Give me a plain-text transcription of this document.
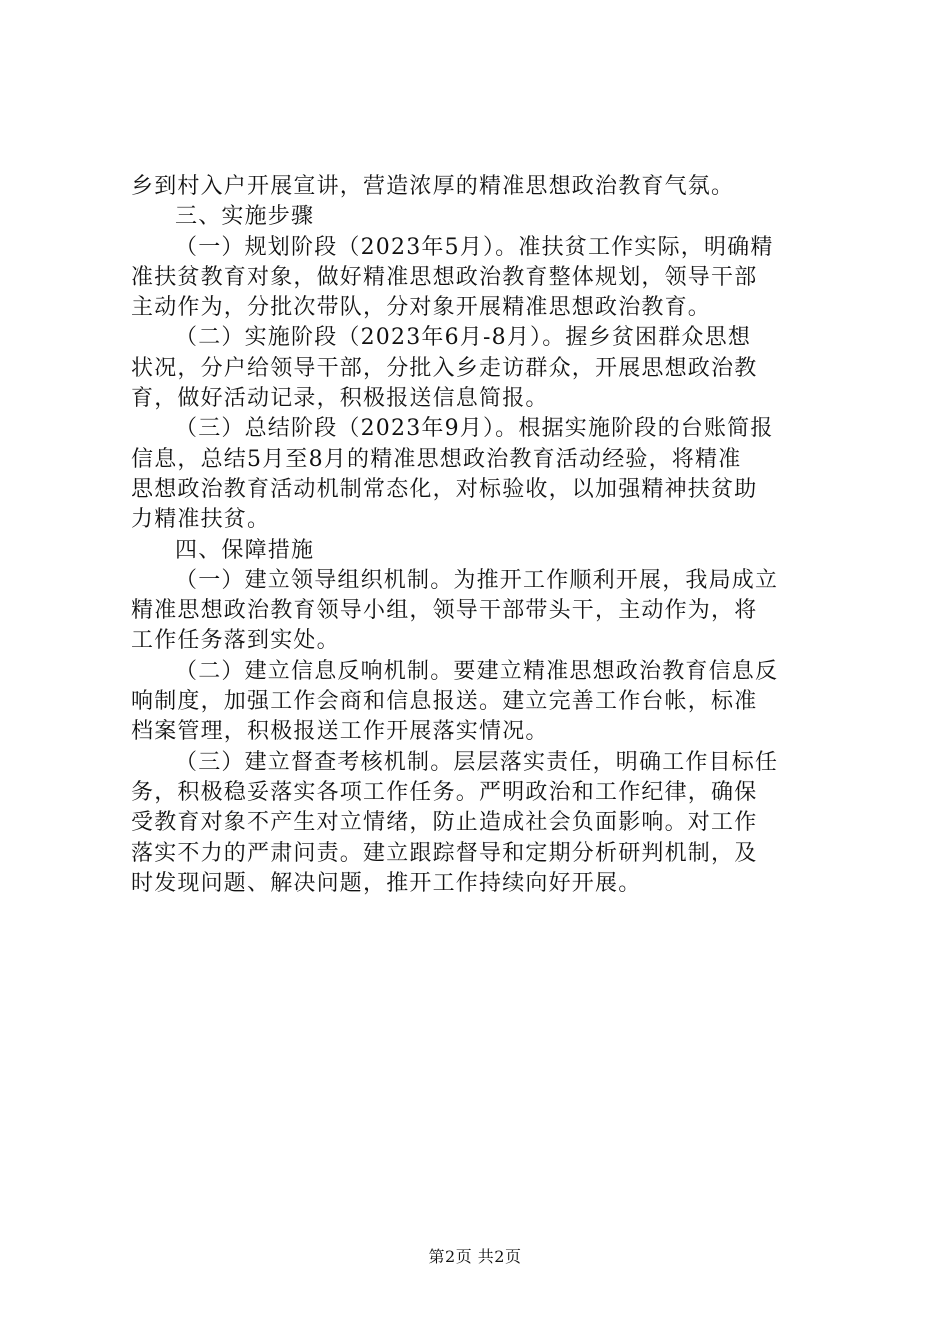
乡到村入户开展宣讲，营造浓厚的精准思想政治教育气氛。
三、实施步骤
（一）规划阶段（2023年5月）。准扶贫工作实际，明确精
准扶贫教育对象，做好精准思想政治教育整体规划，领导干部
主动作为，分批次带队，分对象开展精准思想政治教育。
（二）实施阶段（2023年6月-8月）。握乡贫困群众思想
状况，分户给领导干部，分批入乡走访群众，开展思想政治教
育，做好活动记录，积极报送信息简报。
（三）总结阶段（2023年9月）。根据实施阶段的台账简报
信息，总结5月至8月的精准思想政治教育活动经验，将精准
思想政治教育活动机制常态化，对标验收，以加强精神扶贫助
力精准扶贫。
四、保障措施
（一）建立领导组织机制。为推开工作顺利开展，我局成立
精准思想政治教育领导小组，领导干部带头干，主动作为，将
工作任务落到实处。
（二）建立信息反响机制。要建立精准思想政治教育信息反
响制度，加强工作会商和信息报送。建立完善工作台帐，标准
档案管理，积极报送工作开展落实情况。
（三）建立督查考核机制。层层落实责任，明确工作目标任
务，积极稳妥落实各项工作任务。严明政治和工作纪律，确保
受教育对象不产生对立情绪，防止造成社会负面影响。对工作
落实不力的严肃问责。建立跟踪督导和定期分析研判机制，及
时发现问题、解决问题，推开工作持续向好开展。
第2页 共2页
